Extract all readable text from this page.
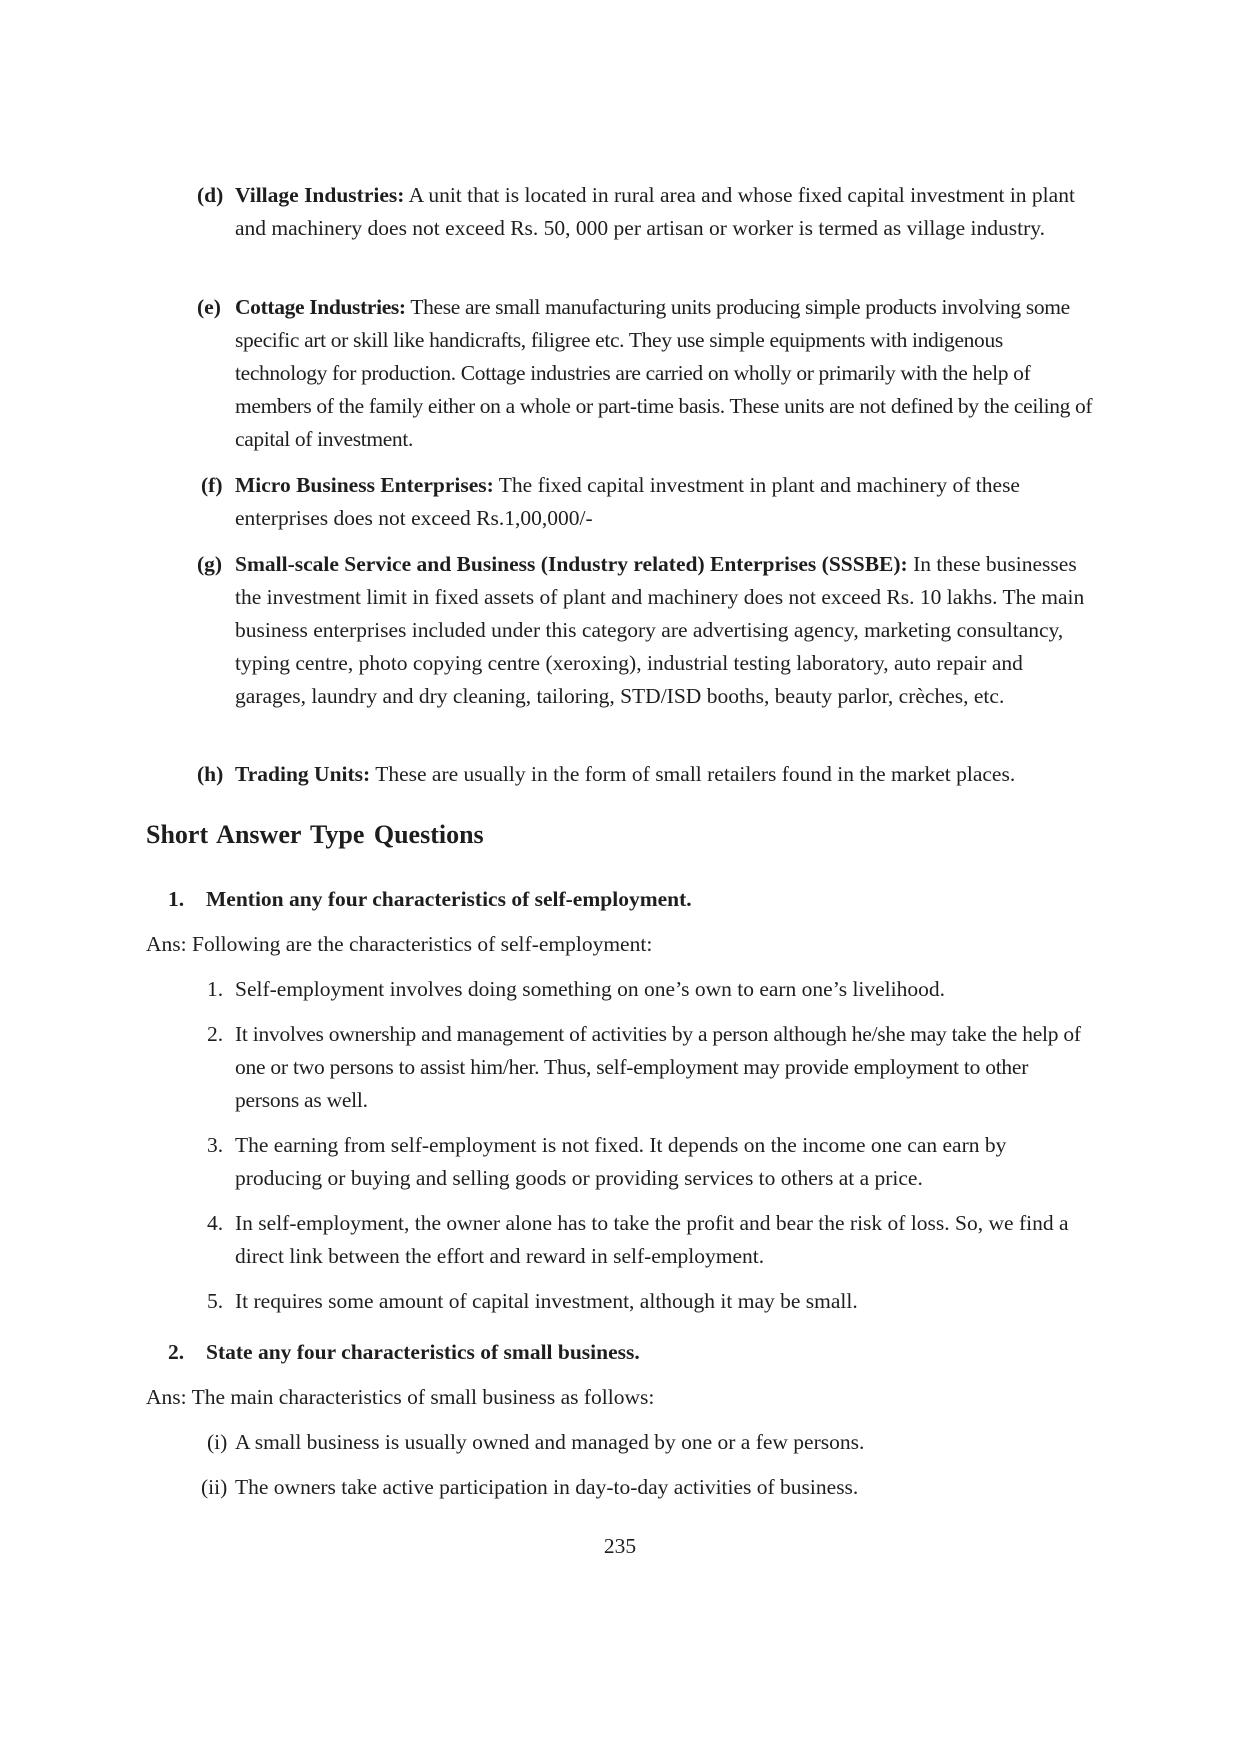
(d) Village Industries: A unit that is located in rural area and whose fixed capital investment in plant and machinery does not exceed Rs. 50, 000 per artisan or worker is termed as village industry.
(e) Cottage Industries: These are small manufacturing units producing simple products involving some specific art or skill like handicrafts, filigree etc. They use simple equipments with indigenous technology for production. Cottage industries are carried on wholly or primarily with the help of members of the family either on a whole or part-time basis. These units are not defined by the ceiling of capital of investment.
(f) Micro Business Enterprises: The fixed capital investment in plant and machinery of these enterprises does not exceed Rs.1,00,000/-
(g) Small-scale Service and Business (Industry related) Enterprises (SSSBE): In these businesses the investment limit in fixed assets of plant and machinery does not exceed Rs. 10 lakhs. The main business enterprises included under this category are advertising agency, marketing consultancy, typing centre, photo copying centre (xeroxing), industrial testing laboratory, auto repair and garages, laundry and dry cleaning, tailoring, STD/ISD booths, beauty parlor, crèches, etc.
(h) Trading Units: These are usually in the form of small retailers found in the market places.
Short Answer Type Questions
1. Mention any four characteristics of self-employment.
Ans: Following are the characteristics of self-employment:
1. Self-employment involves doing something on one’s own to earn one’s livelihood.
2. It involves ownership and management of activities by a person although he/she may take the help of one or two persons to assist him/her. Thus, self-employment may provide employment to other persons as well.
3. The earning from self-employment is not fixed. It depends on the income one can earn by producing or buying and selling goods or providing services to others at a price.
4. In self-employment, the owner alone has to take the profit and bear the risk of loss. So, we find a direct link between the effort and reward in self-employment.
5. It requires some amount of capital investment, although it may be small.
2. State any four characteristics of small business.
Ans: The main characteristics of small business as follows:
(i) A small business is usually owned and managed by one or a few persons.
(ii) The owners take active participation in day-to-day activities of business.
235
